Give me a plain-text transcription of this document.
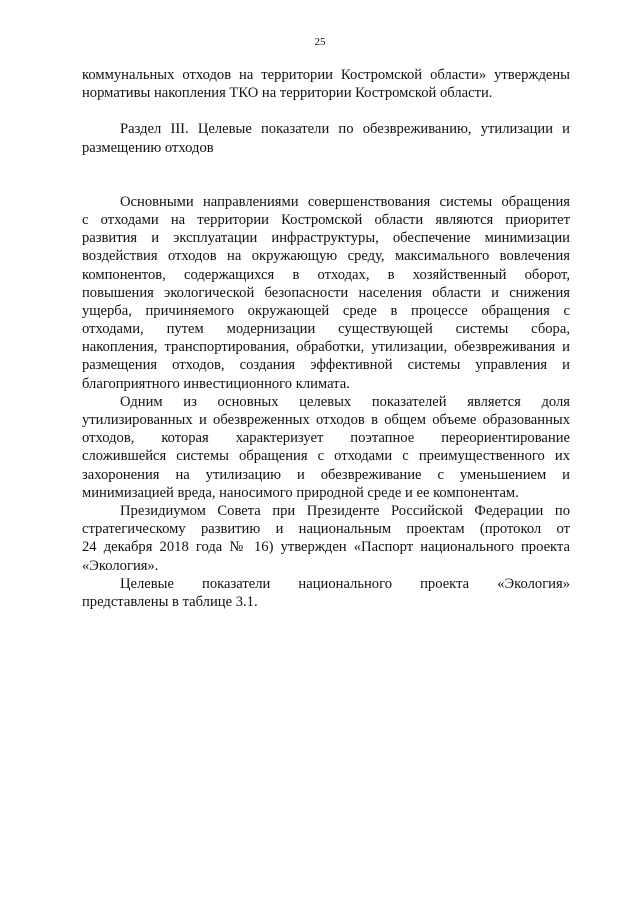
25
коммунальных отходов на территории Костромской области» утверждены
нормативы накопления ТКО на территории Костромской области.
Раздел III. Целевые показатели по обезвреживанию, утилизации и
размещению отходов
Основными направлениями совершенствования системы обращения
с отходами на территории Костромской области являются приоритет
развития и эксплуатации инфраструктуры, обеспечение минимизации
воздействия отходов на окружающую среду, максимального вовлечения
компонентов, содержащихся в отходах, в хозяйственный оборот,
повышения экологической безопасности населения области и снижения
ущерба, причиняемого окружающей среде в процессе обращения с
отходами, путем модернизации существующей системы сбора,
накопления, транспортирования, обработки, утилизации, обезвреживания и
размещения отходов, создания эффективной системы управления и
благоприятного инвестиционного климата.
Одним из основных целевых показателей является доля
утилизированных и обезвреженных отходов в общем объеме образованных
отходов, которая характеризует поэтапное переориентирование
сложившейся системы обращения с отходами с преимущественного их
захоронения на утилизацию и обезвреживание с уменьшением и
минимизацией вреда, наносимого природной среде и ее компонентам.
Президиумом Совета при Президенте Российской Федерации по
стратегическому развитию и национальным проектам (протокол от
24 декабря 2018 года № 16) утвержден «Паспорт национального проекта
«Экология».
Целевые показатели национального проекта «Экология»
представлены в таблице 3.1.
